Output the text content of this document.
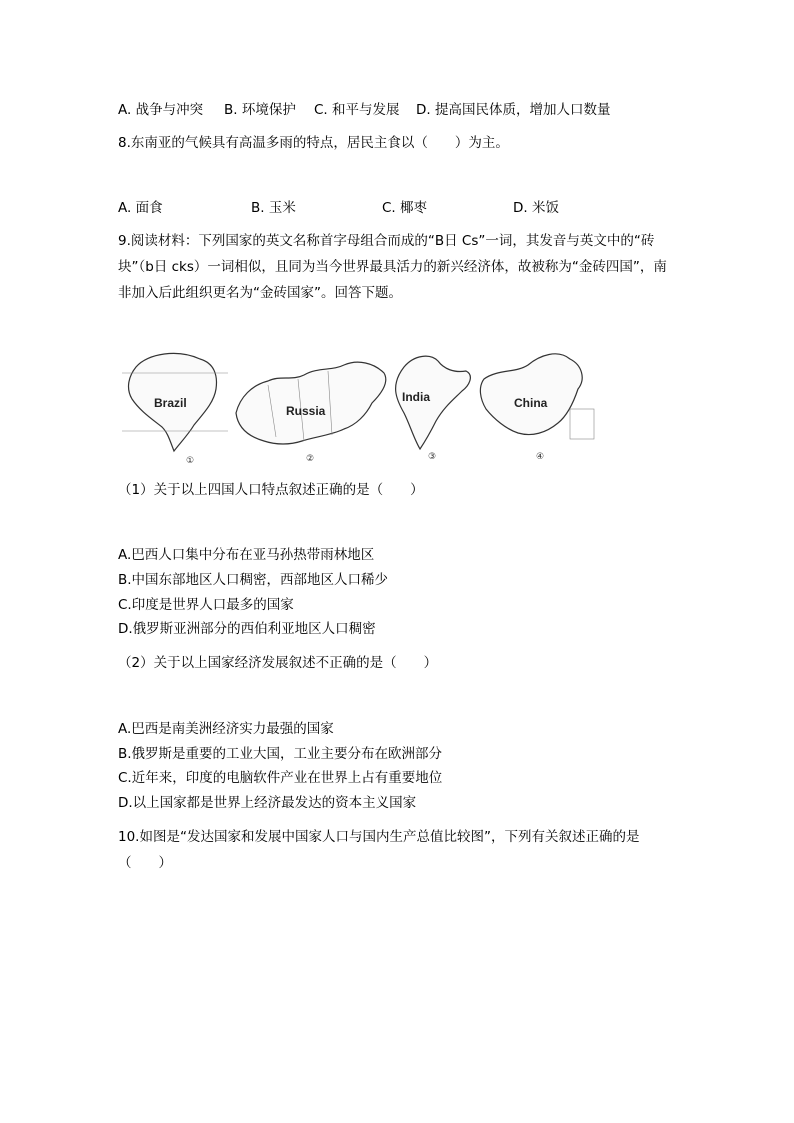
A. 战争与冲突 B. 环境保护 C. 和平与发展 D. 提高国民体质，增加人口数量
8.东南亚的气候具有高温多雨的特点，居民主食以（　　）为主。
A. 面食	B. 玉米	C. 椰枣	D. 米饭
9.阅读材料：下列国家的英文名称首字母组合而成的“B日 Cs”一词，其发音与英文中的“砖块”（b日 cks）一词相似，且同为当今世界最具活力的新兴经济体，故被称为“金砖四国”，南非加入后此组织更名为“金砖国家”。回答下题。
Brazil
①
Russia
②
India
③
China
④
（1）关于以上四国人口特点叙述正确的是（　　）
A.巴西人口集中分布在亚马孙热带雨林地区
B.中国东部地区人口稠密，西部地区人口稀少
C.印度是世界人口最多的国家
D.俄罗斯亚洲部分的西伯利亚地区人口稠密
（2）关于以上国家经济发展叙述不正确的是（　　）
A.巴西是南美洲经济实力最强的国家
B.俄罗斯是重要的工业大国，工业主要分布在欧洲部分
C.近年来，印度的电脑软件产业在世界上占有重要地位
D.以上国家都是世界上经济最发达的资本主义国家
10.如图是“发达国家和发展中国家人口与国内生产总值比较图”，下列有关叙述正确的是
（　　）
